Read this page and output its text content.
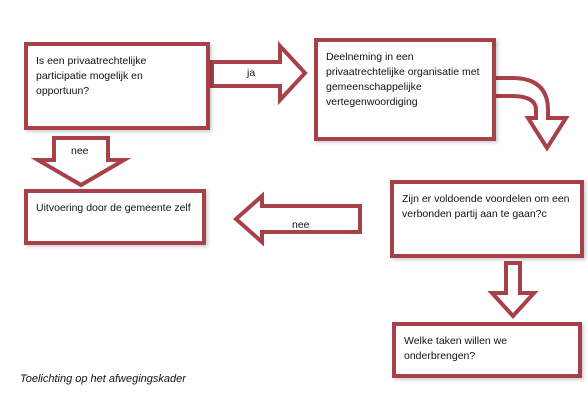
Is een privaatrechtelijke participatie mogelijk en opportuun?
Deelneming in een privaatrechtelijke organisatie met gemeenschappelijke vertegenwoordiging
Uitvoering door de gemeente zelf
Zijn er voldoende voordelen om een verbonden partij aan te gaan?c
Welke taken willen we onderbrengen?
ja
nee
nee
Toelichting op het afwegingskader
